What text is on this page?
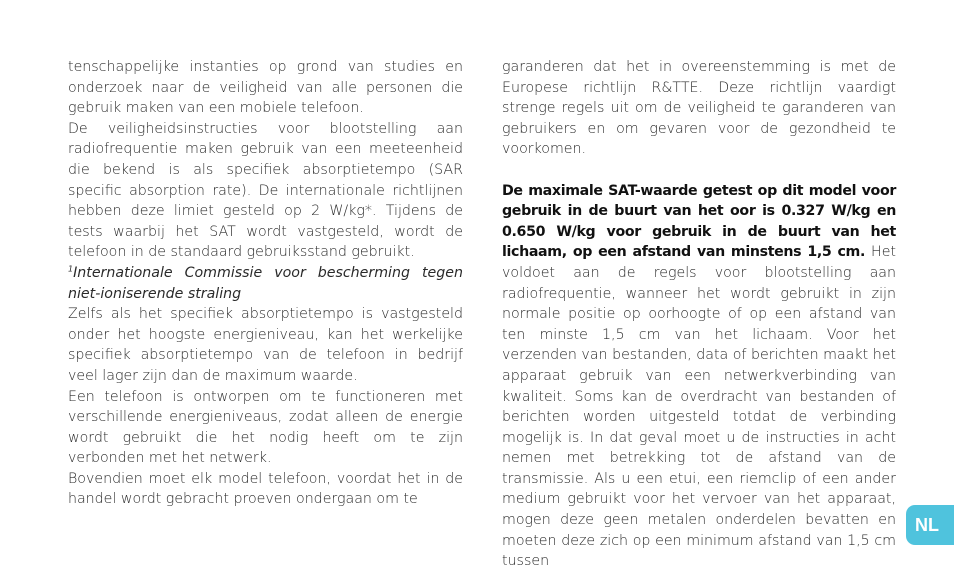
tenschappelijke instanties op grond van studies en onderzoek naar de veiligheid van alle personen die gebruik maken van een mobiele telefoon.

De veiligheidsinstructies voor blootstelling aan radiofrequentie maken gebruik van een meeteenheid die bekend is als specifiek absorptietempo (SAR specific absorption rate). De internationale richtlijnen hebben deze limiet gesteld op 2 W/kg*. Tijdens de tests waarbij het SAT wordt vastgesteld, wordt de telefoon in de standaard gebruiksstand gebruikt.

$^1$Internationale Commissie voor bescherming tegen niet-ioniserende straling

Zelfs als het specifiek absorptietempo is vastgesteld onder het hoogste energieniveau, kan het werkelijke specifiek absorptietempo van de telefoon in bedrijf veel lager zijn dan de maximum waarde.

Een telefoon is ontworpen om te functioneren met verschillende energieniveaus, zodat alleen de energie wordt gebruikt die het nodig heeft om te zijn verbonden met het netwerk.

Bovendien moet elk model telefoon, voordat het in de handel wordt gebracht proeven ondergaan om te

garanderen dat het in overeenstemming is met de Europese richtlijn R&TTE. Deze richtlijn vaardigt strenge regels uit om de veiligheid te garanderen van gebruikers en om gevaren voor de gezondheid te voorkomen.

De maximale SAT-waarde getest op dit model voor gebruik in de buurt van het oor is 0.327 W/kg en 0.650 W/kg voor gebruik in de buurt van het lichaam, op een afstand van minstens 1,5 cm. Het voldoet aan de regels voor blootstelling aan radiofrequentie, wanneer het wordt gebruikt in zijn normale positie op oorhoogte of op een afstand van ten minste 1,5 cm van het lichaam. Voor het verzenden van bestanden, data of berichten maakt het apparaat gebruik van een netwerkverbinding van kwaliteit. Soms kan de overdracht van bestanden of berichten worden uitgesteld totdat de verbinding mogelijk is. In dat geval moet u de instructies in acht nemen met betrekking tot de afstand van de transmissie. Als u een etui, een riemclip of een ander medium gebruikt voor het vervoer van het apparaat, mogen deze geen metalen onderdelen bevatten en moeten deze zich op een minimum afstand van 1,5 cm tussen

NL
